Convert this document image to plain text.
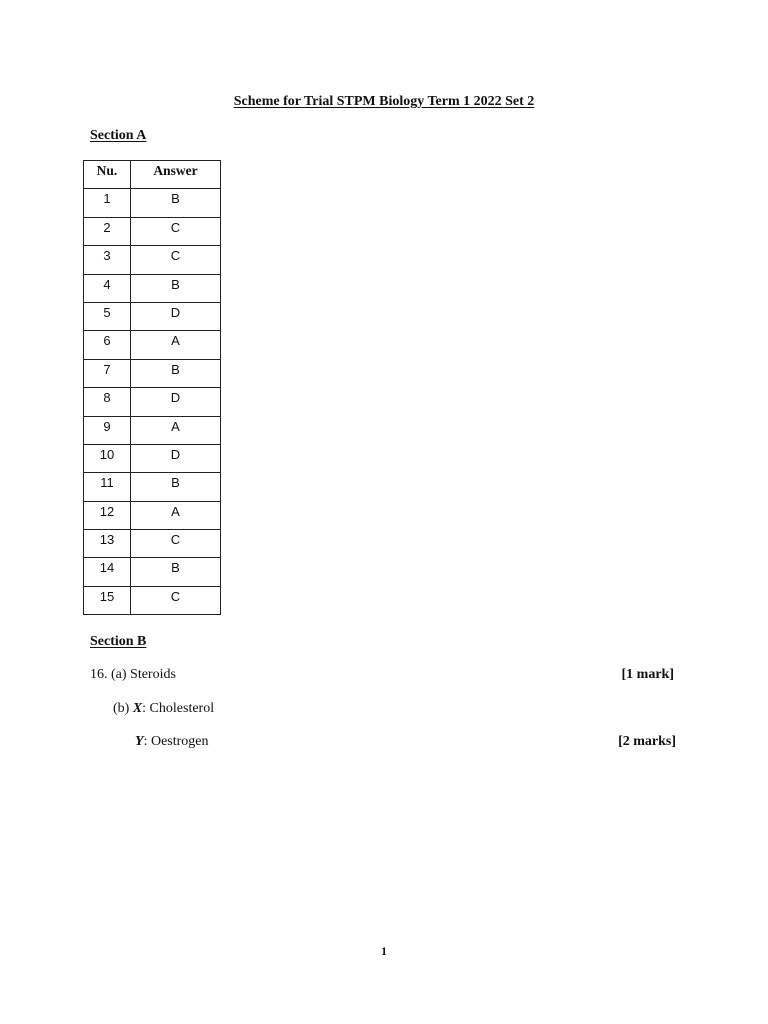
Scheme for Trial STPM Biology Term 1 2022 Set 2
Section A
Nu.	Answer
1	B
2	C
3	C
4	B
5	D
6	A
7	B
8	D
9	A
10	D
11	B
12	A
13	C
14	B
15	C
Section B
16. (a) Steroids	[1 mark]
(b) X: Cholesterol
Y: Oestrogen	[2 marks]
1
